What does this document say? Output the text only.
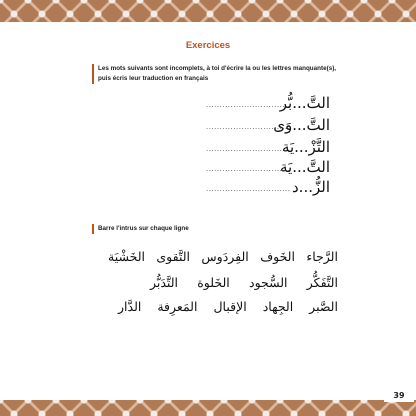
Exercices
Les mots suivants sont incomplets, à toi d'écrire la ou les lettres manquante(s),
puis écris leur traduction en français
...............................
التَّ...بُّر
...............................
التَّ...وَى
...............................
التَّزْ...يَة
...............................
التَّ...يَة
............................... الزُّ...د
Barre l'intrus sur chaque ligne
الرَّجاء
الخَوف
الفِردَوس
التَّقوى
الخَشْيَة
التَّفَكُّر
السُّجود
الخَلوة
التَّدَبُّر
الصَّبر
الجِهاد
الإقبال
المَعرِفة
الدَّار
39
